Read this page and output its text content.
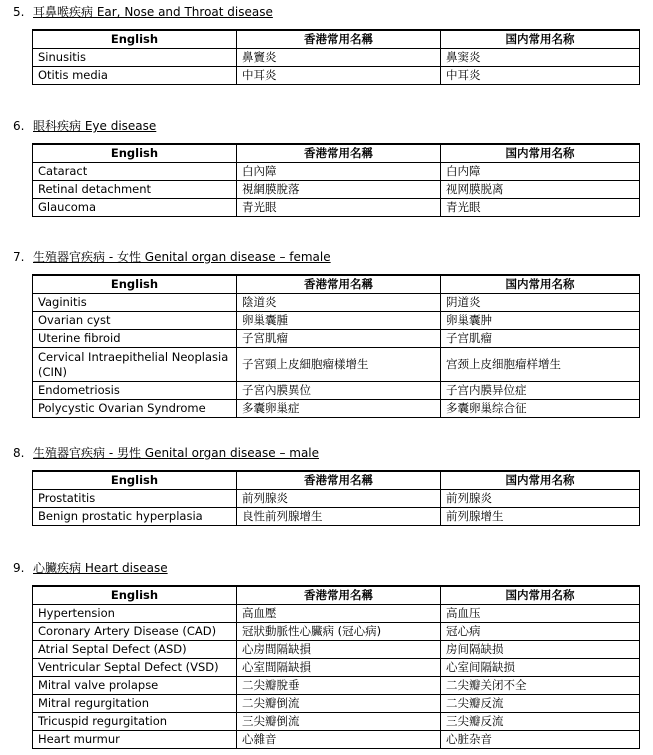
5. 耳鼻喉疾病 Ear, Nose and Throat disease
English	香港常用名稱	国内常用名称
Sinusitis	鼻竇炎	鼻窦炎
Otitis media	中耳炎	中耳炎
6. 眼科疾病 Eye disease
English	香港常用名稱	国内常用名称
Cataract	白內障	白内障
Retinal detachment	視網膜脫落	视网膜脱离
Glaucoma	青光眼	青光眼
7. 生殖器官疾病 - 女性 Genital organ disease – female
English	香港常用名稱	国内常用名称
Vaginitis	陰道炎	阴道炎
Ovarian cyst	卵巢囊腫	卵巢囊肿
Uterine fibroid	子宮肌瘤	子宫肌瘤
Cervical Intraepithelial Neoplasia (CIN)	子宮頸上皮細胞瘤樣增生	宫颈上皮细胞瘤样增生
Endometriosis	子宮內膜異位	子宫内膜异位症
Polycystic Ovarian Syndrome	多囊卵巢症	多囊卵巢综合征
8. 生殖器官疾病 - 男性 Genital organ disease – male
English	香港常用名稱	国内常用名称
Prostatitis	前列腺炎	前列腺炎
Benign prostatic hyperplasia	良性前列腺增生	前列腺增生
9. 心臟疾病 Heart disease
English	香港常用名稱	国内常用名称
Hypertension	高血壓	高血压
Coronary Artery Disease (CAD)	冠狀動脈性心臟病 (冠心病)	冠心病
Atrial Septal Defect (ASD)	心房間隔缺損	房间隔缺损
Ventricular Septal Defect (VSD)	心室間隔缺損	心室间隔缺损
Mitral valve prolapse	二尖瓣脫垂	二尖瓣关闭不全
Mitral regurgitation	二尖瓣倒流	二尖瓣反流
Tricuspid regurgitation	三尖瓣倒流	三尖瓣反流
Heart murmur	心雜音	心脏杂音
